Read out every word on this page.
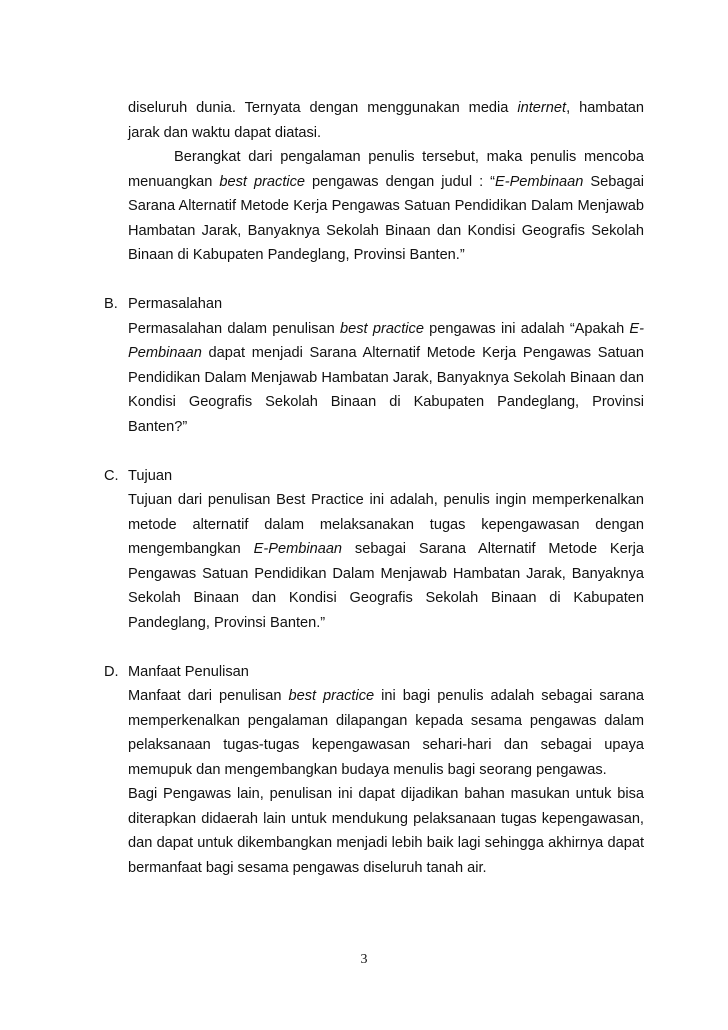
diseluruh dunia. Ternyata dengan menggunakan media internet, hambatan jarak dan waktu dapat diatasi.

Berangkat dari pengalaman penulis tersebut, maka penulis mencoba menuangkan best practice pengawas dengan judul : “E-Pembinaan Sebagai Sarana Alternatif Metode Kerja Pengawas Satuan Pendidikan Dalam Menjawab Hambatan Jarak, Banyaknya Sekolah Binaan dan Kondisi Geografis Sekolah Binaan di Kabupaten Pandeglang, Provinsi Banten.”

B. Permasalahan

Permasalahan dalam penulisan best practice pengawas ini adalah “Apakah E-Pembinaan dapat menjadi Sarana Alternatif Metode Kerja Pengawas Satuan Pendidikan Dalam Menjawab Hambatan Jarak, Banyaknya Sekolah Binaan dan Kondisi Geografis Sekolah Binaan di Kabupaten Pandeglang, Provinsi Banten?”

C. Tujuan

Tujuan dari penulisan Best Practice ini adalah, penulis ingin memperkenalkan metode alternatif dalam melaksanakan tugas kepengawasan dengan mengembangkan E-Pembinaan sebagai Sarana Alternatif Metode Kerja Pengawas Satuan Pendidikan Dalam Menjawab Hambatan Jarak, Banyaknya Sekolah Binaan dan Kondisi Geografis Sekolah Binaan di Kabupaten Pandeglang, Provinsi Banten.”

D. Manfaat Penulisan

Manfaat dari penulisan best practice ini bagi penulis adalah sebagai sarana memperkenalkan pengalaman dilapangan kepada sesama pengawas dalam pelaksanaan tugas-tugas kepengawasan sehari-hari dan sebagai upaya memupuk dan mengembangkan budaya menulis bagi seorang pengawas.

Bagi Pengawas lain, penulisan ini dapat dijadikan bahan masukan untuk bisa diterapkan didaerah lain untuk mendukung pelaksanaan tugas kepengawasan, dan dapat untuk dikembangkan menjadi lebih baik lagi sehingga akhirnya dapat bermanfaat bagi sesama pengawas diseluruh tanah air.

3
